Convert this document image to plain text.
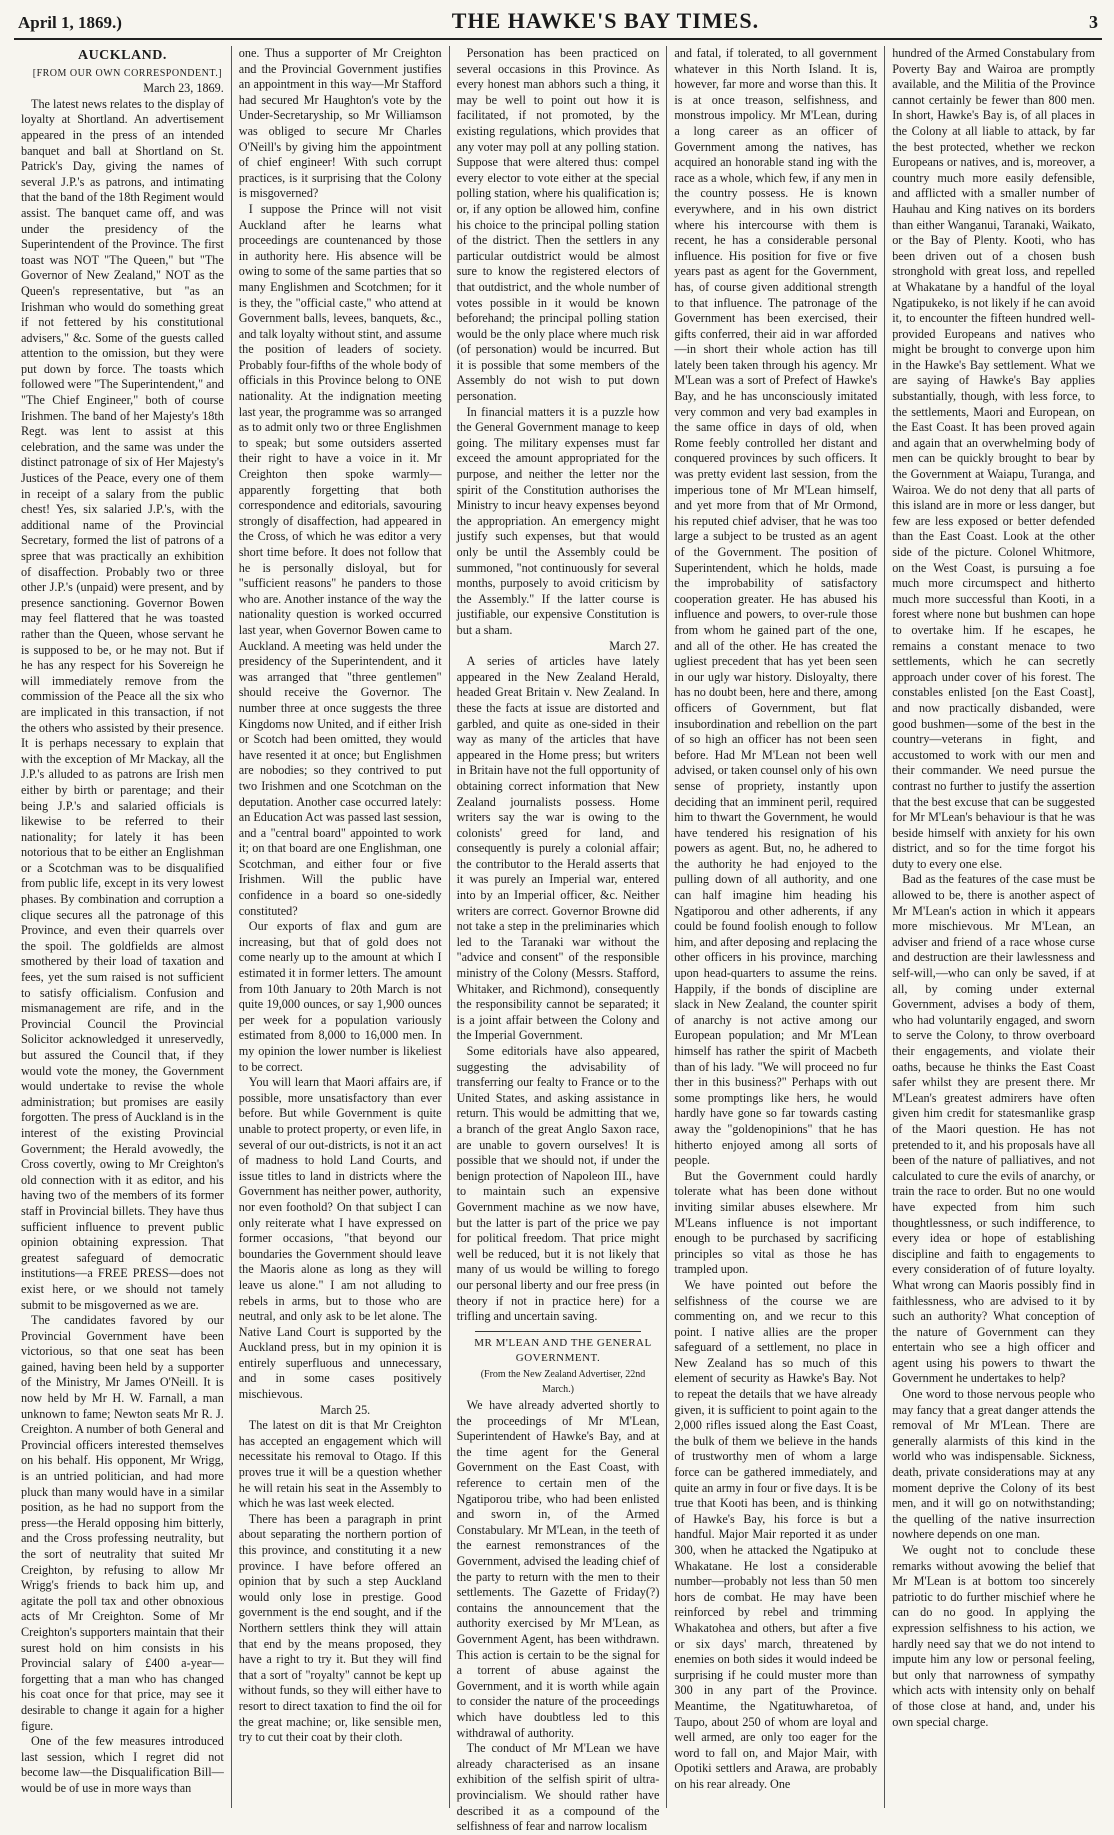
April 1, 1869.)	THE HAWKE'S BAY TIMES.	3
AUCKLAND.

[FROM OUR OWN CORRESPONDENT.]

March 23, 1869.

The latest news relates to the display of loyalty at Shortland. An advertisement appeared in the press of an intended banquet and ball at Shortland on St. Patrick's Day, giving the names of several J.P.'s as patrons, and intimating that the band of the 18th Regiment would assist. The banquet came off, and was under the presidency of the Superintendent of the Province. The first toast was NOT "The Queen," but "The Governor of New Zealand," NOT as the Queen's representative, but "as an Irishman who would do something great if not fettered by his constitutional advisers," &c. Some of the guests called attention to the omission, but they were put down by force. The toasts which followed were "The Superintendent," and "The Chief Engineer," both of course Irishmen. The band of her Majesty's 18th Regt. was lent to assist at this celebration, and the same was under the distinct patronage of six of Her Majesty's Justices of the Peace, every one of them in receipt of a salary from the public chest! Yes, six salaried J.P.'s, with the additional name of the Provincial Secretary, formed the list of patrons of a spree that was practically an exhibition of disaffection. Probably two or three other J.P.'s (unpaid) were present, and by presence sanctioning. Governor Bowen may feel flattered that he was toasted rather than the Queen, whose servant he is supposed to be, or he may not. But if he has any respect for his Sovereign he will immediately remove from the commission of the Peace all the six who are implicated in this transaction, if not the others who assisted by their presence. It is perhaps necessary to explain that with the exception of Mr Mackay, all the J.P.'s alluded to as patrons are Irish men either by birth or parentage; and their being J.P.'s and salaried officials is likewise to be referred to their nationality; for lately it has been notorious that to be either an Englishman or a Scotchman was to be disqualified from public life, except in its very lowest phases. By combination and corruption a clique secures all the patronage of this Province, and even their quarrels over the spoil. The goldfields are almost smothered by their load of taxation and fees, yet the sum raised is not sufficient to satisfy officialism. Confusion and mismanagement are rife, and in the Provincial Council the Provincial Solicitor acknowledged it unreservedly, but assured the Council that, if they would vote the money, the Government would undertake to revise the whole administration; but promises are easily forgotten. The press of Auckland is in the interest of the existing Provincial Government; the Herald avowedly, the Cross covertly, owing to Mr Creighton's old connection with it as editor, and his having two of the members of its former staff in Provincial billets. They have thus sufficient influence to prevent public opinion obtaining expression. That greatest safeguard of democratic institutions—a FREE PRESS—does not exist here, or we should not tamely submit to be misgoverned as we are.

The candidates favored by our Provincial Government have been victorious, so that one seat has been gained, having been held by a supporter of the Ministry, Mr James O'Neill. It is now held by Mr H. W. Farnall, a man unknown to fame; Newton seats Mr R. J. Creighton. A number of both General and Provincial officers interested themselves on his behalf. His opponent, Mr Wrigg, is an untried politician, and had more pluck than many would have in a similar position, as he had no support from the press—the Herald opposing him bitterly, and the Cross professing neutrality, but the sort of neutrality that suited Mr Creighton, by refusing to allow Mr Wrigg's friends to back him up, and agitate the poll tax and other obnoxious acts of Mr Creighton. Some of Mr Creighton's supporters maintain that their surest hold on him consists in his Provincial salary of £400 a-year—forgetting that a man who has changed his coat once for that price, may see it desirable to change it again for a higher figure.

One of the few measures introduced last session, which I regret did not become law—the Disqualification Bill—would be of use in more ways than

one. Thus a supporter of Mr Creighton and the Provincial Government justifies an appointment in this way—Mr Stafford had secured Mr Haughton's vote by the Under-Secretaryship, so Mr Williamson was obliged to secure Mr Charles O'Neill's by giving him the appointment of chief engineer! With such corrupt practices, is it surprising that the Colony is misgoverned?

I suppose the Prince will not visit Auckland after he learns what proceedings are countenanced by those in authority here. His absence will be owing to some of the same parties that so many Englishmen and Scotchmen; for it is they, the "official caste," who attend at Government balls, levees, banquets, &c., and talk loyalty without stint, and assume the position of leaders of society. Probably four-fifths of the whole body of officials in this Province belong to ONE nationality. At the indignation meeting last year, the programme was so arranged as to admit only two or three Englishmen to speak; but some outsiders asserted their right to have a voice in it. Mr Creighton then spoke warmly—apparently forgetting that both correspondence and editorials, savouring strongly of disaffection, had appeared in the Cross, of which he was editor a very short time before. It does not follow that he is personally disloyal, but for "sufficient reasons" he panders to those who are. Another instance of the way the nationality question is worked occurred last year, when Governor Bowen came to Auckland. A meeting was held under the presidency of the Superintendent, and it was arranged that "three gentlemen" should receive the Governor. The number three at once suggests the three Kingdoms now United, and if either Irish or Scotch had been omitted, they would have resented it at once; but Englishmen are nobodies; so they contrived to put two Irishmen and one Scotchman on the deputation. Another case occurred lately: an Education Act was passed last session, and a "central board" appointed to work it; on that board are one Englishman, one Scotchman, and either four or five Irishmen. Will the public have confidence in a board so one-sidedly constituted?

Our exports of flax and gum are increasing, but that of gold does not come nearly up to the amount at which I estimated it in former letters. The amount from 10th January to 20th March is not quite 19,000 ounces, or say 1,900 ounces per week for a population variously estimated from 8,000 to 16,000 men. In my opinion the lower number is likeliest to be correct.

You will learn that Maori affairs are, if possible, more unsatisfactory than ever before. But while Government is quite unable to protect property, or even life, in several of our out-districts, is not it an act of madness to hold Land Courts, and issue titles to land in districts where the Government has neither power, authority, nor even foothold? On that subject I can only reiterate what I have expressed on former occasions, "that beyond our boundaries the Government should leave the Maoris alone as long as they will leave us alone." I am not alluding to rebels in arms, but to those who are neutral, and only ask to be let alone. The Native Land Court is supported by the Auckland press, but in my opinion it is entirely superfluous and unnecessary, and in some cases positively mischievous.

March 25.

The latest on dit is that Mr Creighton has accepted an engagement which will necessitate his removal to Otago. If this proves true it will be a question whether he will retain his seat in the Assembly to which he was last week elected.

There has been a paragraph in print about separating the northern portion of this province, and constituting it a new province. I have before offered an opinion that by such a step Auckland would only lose in prestige. Good government is the end sought, and if the Northern settlers think they will attain that end by the means proposed, they have a right to try it. But they will find that a sort of "royalty" cannot be kept up without funds, so they will either have to resort to direct taxation to find the oil for the great machine; or, like sensible men, try to cut their coat by their cloth.

Personation has been practiced on several occasions in this Province. As every honest man abhors such a thing, it may be well to point out how it is facilitated, if not promoted, by the existing regulations, which provides that any voter may poll at any polling station. Suppose that were altered thus: compel every elector to vote either at the special polling station, where his qualification is; or, if any option be allowed him, confine his choice to the principal polling station of the district. Then the settlers in any particular outdistrict would be almost sure to know the registered electors of that outdistrict, and the whole number of votes possible in it would be known beforehand; the principal polling station would be the only place where much risk (of personation) would be incurred. But it is possible that some members of the Assembly do not wish to put down personation.

In financial matters it is a puzzle how the General Government manage to keep going. The military expenses must far exceed the amount appropriated for the purpose, and neither the letter nor the spirit of the Constitution authorises the Ministry to incur heavy expenses beyond the appropriation. An emergency might justify such expenses, but that would only be until the Assembly could be summoned, "not continuously for several months, purposely to avoid criticism by the Assembly." If the latter course is justifiable, our expensive Constitution is but a sham.

March 27.

A series of articles have lately appeared in the New Zealand Herald, headed Great Britain v. New Zealand. In these the facts at issue are distorted and garbled, and quite as one-sided in their way as many of the articles that have appeared in the Home press; but writers in Britain have not the full opportunity of obtaining correct information that New Zealand journalists possess. Home writers say the war is owing to the colonists' greed for land, and consequently is purely a colonial affair; the contributor to the Herald asserts that it was purely an Imperial war, entered into by an Imperial officer, &c. Neither writers are correct. Governor Browne did not take a step in the preliminaries which led to the Taranaki war without the "advice and consent" of the responsible ministry of the Colony (Messrs. Stafford, Whitaker, and Richmond), consequently the responsibility cannot be separated; it is a joint affair between the Colony and the Imperial Government.

Some editorials have also appeared, suggesting the advisability of transferring our fealty to France or to the United States, and asking assistance in return. This would be admitting that we, a branch of the great Anglo Saxon race, are unable to govern ourselves! It is possible that we should not, if under the benign protection of Napoleon III., have to maintain such an expensive Government machine as we now have, but the latter is part of the price we pay for political freedom. That price might well be reduced, but it is not likely that many of us would be willing to forego our personal liberty and our free press (in theory if not in practice here) for a trifling and uncertain saving.

MR M'LEAN AND THE GENERAL GOVERNMENT.

(From the New Zealand Advertiser, 22nd March.)

We have already adverted shortly to the proceedings of Mr M'Lean, Superintendent of Hawke's Bay, and at the time agent for the General Government on the East Coast, with reference to certain men of the Ngatiporou tribe, who had been enlisted and sworn in, of the Armed Constabulary. Mr M'Lean, in the teeth of the earnest remonstrances of the Government, advised the leading chief of the party to return with the men to their settlements. The Gazette of Friday(?) contains the announcement that the authority exercised by Mr M'Lean, as Government Agent, has been withdrawn. This action is certain to be the signal for a torrent of abuse against the Government, and it is worth while again to consider the nature of the proceedings which have doubtless led to this withdrawal of authority.

The conduct of Mr M'Lean we have already characterised as an insane exhibition of the selfish spirit of ultra-provincialism. We should rather have described it as a compound of the selfishness of fear and narrow localism

and fatal, if tolerated, to all government whatever in this North Island. It is, however, far more and worse than this. It is at once treason, selfishness, and monstrous impolicy. Mr M'Lean, during a long career as an officer of Government among the natives, has acquired an honorable stand ing with the race as a whole, which few, if any men in the country possess. He is known everywhere, and in his own district where his intercourse with them is recent, he has a considerable personal influence. His position for five or five years past as agent for the Government, has, of course given additional strength to that influence. The patronage of the Government has been exercised, their gifts conferred, their aid in war afforded—in short their whole action has till lately been taken through his agency. Mr M'Lean was a sort of Prefect of Hawke's Bay, and he has unconsciously imitated very common and very bad examples in the same office in days of old, when Rome feebly controlled her distant and conquered provinces by such officers. It was pretty evident last session, from the imperious tone of Mr M'Lean himself, and yet more from that of Mr Ormond, his reputed chief adviser, that he was too large a subject to be trusted as an agent of the Government. The position of Superintendent, which he holds, made the improbability of satisfactory cooperation greater. He has abused his influence and powers, to over-rule those from whom he gained part of the one, and all of the other. He has created the ugliest precedent that has yet been seen in our ugly war history. Disloyalty, there has no doubt been, here and there, among officers of Government, but flat insubordination and rebellion on the part of so high an officer has not been seen before. Had Mr M'Lean not been well advised, or taken counsel only of his own sense of propriety, instantly upon deciding that an imminent peril, required him to thwart the Government, he would have tendered his resignation of his powers as agent. But, no, he adhered to the authority he had enjoyed to the pulling down of all authority, and one can half imagine him heading his Ngatiporou and other adherents, if any could be found foolish enough to follow him, and after deposing and replacing the other officers in his province, marching upon head-quarters to assume the reins. Happily, if the bonds of discipline are slack in New Zealand, the counter spirit of anarchy is not active among our European population; and Mr M'Lean himself has rather the spirit of Macbeth than of his lady. "We will proceed no fur ther in this business?" Perhaps with out some promptings like hers, he would hardly have gone so far towards casting away the "goldenopinions" that he has hitherto enjoyed among all sorts of people.

But the Government could hardly tolerate what has been done without inviting similar abuses elsewhere. Mr M'Leans influence is not important enough to be purchased by sacrificing principles so vital as those he has trampled upon.

We have pointed out before the selfishness of the course we are commenting on, and we recur to this point. I native allies are the proper safeguard of a settlement, no place in New Zealand has so much of this element of security as Hawke's Bay. Not to repeat the details that we have already given, it is sufficient to point again to the 2,000 rifles issued along the East Coast, the bulk of them we believe in the hands of trustworthy men of whom a large force can be gathered immediately, and quite an army in four or five days. It is be true that Kooti has been, and is thinking of Hawke's Bay, his force is but a handful. Major Mair reported it as under 300, when he attacked the Ngatipuko at Whakatane. He lost a considerable number—probably not less than 50 men hors de combat. He may have been reinforced by rebel and trimming Whakatohea and others, but after a five or six days' march, threatened by enemies on both sides it would indeed be surprising if he could muster more than 300 in any part of the Province. Meantime, the Ngatituwharetoa, of Taupo, about 250 of whom are loyal and well armed, are only too eager for the word to fall on, and Major Mair, with Opotiki settlers and Arawa, are probably on his rear already. One

hundred of the Armed Constabulary from Poverty Bay and Wairoa are promptly available, and the Militia of the Province cannot certainly be fewer than 800 men. In short, Hawke's Bay is, of all places in the Colony at all liable to attack, by far the best protected, whether we reckon Europeans or natives, and is, moreover, a country much more easily defensible, and afflicted with a smaller number of Hauhau and King natives on its borders than either Wanganui, Taranaki, Waikato, or the Bay of Plenty. Kooti, who has been driven out of a chosen bush stronghold with great loss, and repelled at Whakatane by a handful of the loyal Ngatipukeko, is not likely if he can avoid it, to encounter the fifteen hundred well-provided Europeans and natives who might be brought to converge upon him in the Hawke's Bay settlement. What we are saying of Hawke's Bay applies substantially, though, with less force, to the settlements, Maori and European, on the East Coast. It has been proved again and again that an overwhelming body of men can be quickly brought to bear by the Government at Waiapu, Turanga, and Wairoa. We do not deny that all parts of this island are in more or less danger, but few are less exposed or better defended than the East Coast. Look at the other side of the picture. Colonel Whitmore, on the West Coast, is pursuing a foe much more circumspect and hitherto much more successful than Kooti, in a forest where none but bushmen can hope to overtake him. If he escapes, he remains a constant menace to two settlements, which he can secretly approach under cover of his forest. The constables enlisted [on the East Coast], and now practically disbanded, were good bushmen—some of the best in the country—veterans in fight, and accustomed to work with our men and their commander. We need pursue the contrast no further to justify the assertion that the best excuse that can be suggested for Mr M'Lean's behaviour is that he was beside himself with anxiety for his own district, and so for the time forgot his duty to every one else.

Bad as the features of the case must be allowed to be, there is another aspect of Mr M'Lean's action in which it appears more mischievous. Mr M'Lean, an adviser and friend of a race whose curse and destruction are their lawlessness and self-will,—who can only be saved, if at all, by coming under external Government, advises a body of them, who had voluntarily engaged, and sworn to serve the Colony, to throw overboard their engagements, and violate their oaths, because he thinks the East Coast safer whilst they are present there. Mr M'Lean's greatest admirers have often given him credit for statesmanlike grasp of the Maori question. He has not pretended to it, and his proposals have all been of the nature of palliatives, and not calculated to cure the evils of anarchy, or train the race to order. But no one would have expected from him such thoughtlessness, or such indifference, to every idea or hope of establishing discipline and faith to engagements to every consideration of of future loyalty. What wrong can Maoris possibly find in faithlessness, who are advised to it by such an authority? What conception of the nature of Government can they entertain who see a high officer and agent using his powers to thwart the Government he undertakes to help?

One word to those nervous people who may fancy that a great danger attends the removal of Mr M'Lean. There are generally alarmists of this kind in the world who was indispensable. Sickness, death, private considerations may at any moment deprive the Colony of its best men, and it will go on notwithstanding; the quelling of the native insurrection nowhere depends on one man.

We ought not to conclude these remarks without avowing the belief that Mr M'Lean is at bottom too sincerely patriotic to do further mischief where he can do no good. In applying the expression selfishness to his action, we hardly need say that we do not intend to impute him any low or personal feeling, but only that narrowness of sympathy which acts with intensity only on behalf of those close at hand, and, under his own special charge.
